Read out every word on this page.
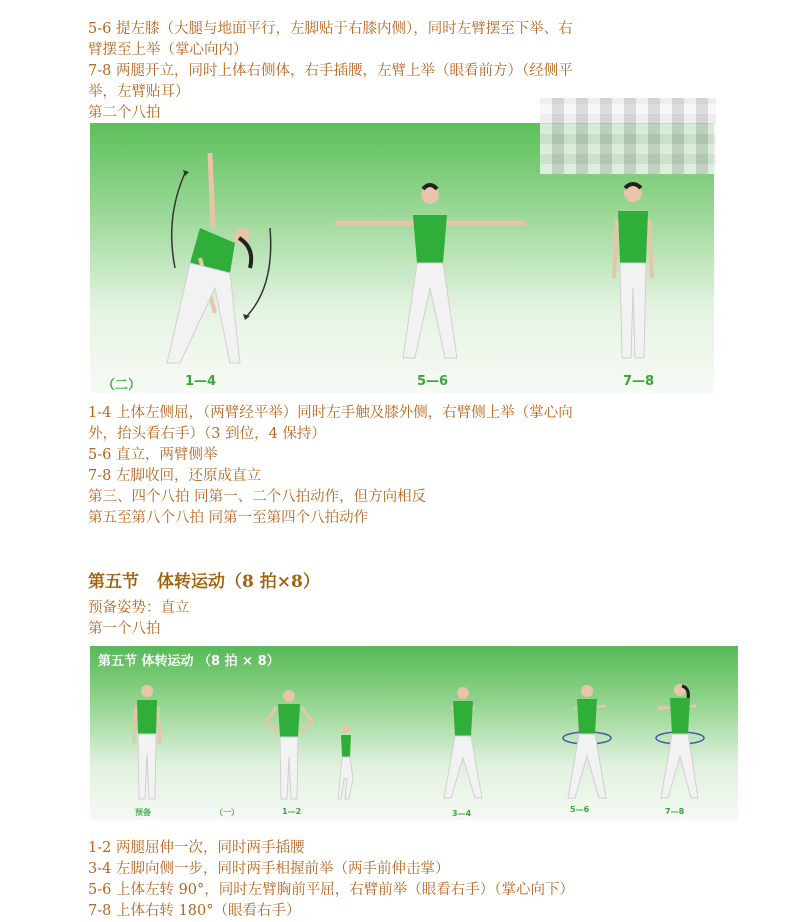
5-6 提左膝（大腿与地面平行，左脚贴于右膝内侧），同时左臂摆至下举、右
臂摆至上举（掌心向内）
7-8 两腿开立，同时上体右侧体，右手插腰，左臂上举（眼看前方）（经侧平
举，左臂贴耳）
第二个八拍
（二）	1—4	5—6	7—8
1-4 上体左侧屈，（两臂经平举）同时左手触及膝外侧，右臂侧上举（掌心向
外，抬头看右手）（3 到位，4 保持）
5-6 直立，两臂侧举
7-8 左脚收回，还原成直立
第三、四个八拍 同第一、二个八拍动作，但方向相反
第五至第八个八拍 同第一至第四个八拍动作
第五节 体转运动（8 拍×8）
预备姿势：直立
第一个八拍
第五节 体转运动 （8 拍 × 8）
预备	（一）	1—2	3—4	5—6	7—8
1-2 两腿屈伸一次，同时两手插腰
3-4 左脚向侧一步，同时两手相握前举（两手前伸击掌）
5-6 上体左转 90°，同时左臂胸前平屈，右臂前举（眼看右手）（掌心向下）
7-8 上体右转 180°（眼看右手）
